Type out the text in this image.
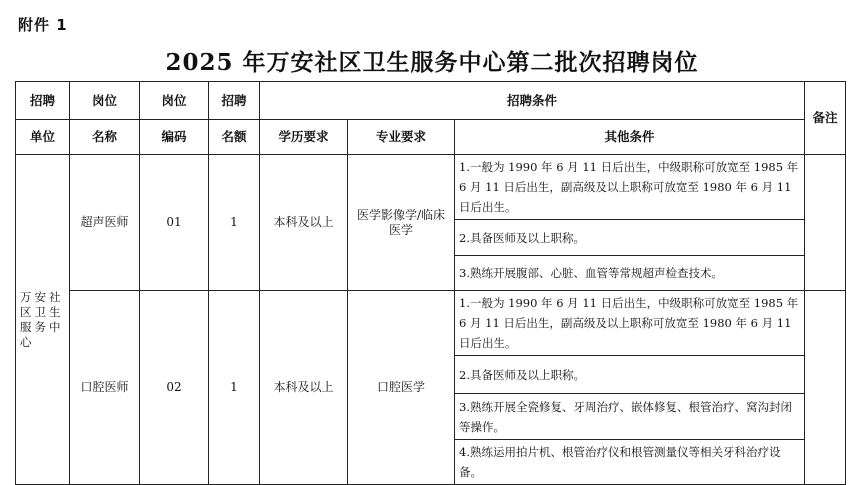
附件 1
2025 年万安社区卫生服务中心第二批次招聘岗位
招聘	岗位	岗位	招聘	招聘条件			备注
单位	名称	编码	名额	学历要求	专业要求	其他条件	
万安社区卫生服务中心	超声医师	01	1	本科及以上	医学影像学/临床医学	1.一般为 1990 年 6 月 11 日后出生，中级职称可放宽至 1985 年 6 月 11 日后出生，副高级及以上职称可放宽至 1980 年 6 月 11 日后出生。	
						2.具备医师及以上职称。	
						3.熟练开展腹部、心脏、血管等常规超声检查技术。	
	口腔医师	02	1	本科及以上	口腔医学	1.一般为 1990 年 6 月 11 日后出生，中级职称可放宽至 1985 年 6 月 11 日后出生，副高级及以上职称可放宽至 1980 年 6 月 11 日后出生。	
						2.具备医师及以上职称。	
						3.熟练开展全瓷修复、牙周治疗、嵌体修复、根管治疗、窝沟封闭等操作。	
						4.熟练运用拍片机、根管治疗仪和根管测量仪等相关牙科治疗设备。	
